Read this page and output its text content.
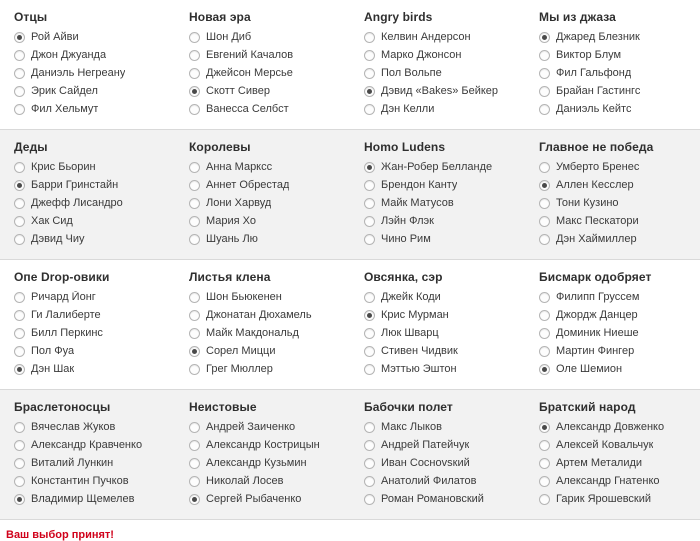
Отцы
Рой Айви
Джон Джуанда
Даниэль Негреану
Эрик Сайдел
Фил Хельмут
Новая эра
Шон Диб
Евгений Качалов
Джейсон Мерсье
Скотт Сивер
Ванесса Селбст
Angry birds
Келвин Андерсон
Марко Джонсон
Пол Вольпе
Дэвид «Bakes» Бейкер
Дэн Келли
Мы из джаза
Джаред Блезник
Виктор Блум
Фил Гальфонд
Брайан Гастингс
Даниэль Кейтс
Деды
Крис Бьорин
Барри Гринстайн
Джефф Лисандро
Хак Сид
Дэвид Чиу
Королевы
Анна Марксс
Аннет Обрестад
Лони Харвуд
Мария Хо
Шуань Лю
Homo Ludens
Жан-Робер Белланде
Брендон Кантy
Майк Матусов
Лэйн Флэк
Чино Рим
Главное не победа
Умберто Бренес
Аллен Кесслер
Тони Кузино
Макс Пескатори
Дэн Хаймиллер
Опе Drop-овики
Ричард Йонг
Ги Лалиберте
Билл Перкинс
Пол Фуа
Дэн Шак
Листья клена
Шон Бьюкенен
Джонатан Дюхамель
Майк Макдональд
Сорел Мицци
Грег Мюллер
Овсянка, сэр
Джейк Коди
Крис Мурман
Люк Шварц
Стивен Чидвик
Мэттью Эштон
Бисмарк одобряет
Филипп Груссем
Джордж Данцер
Доминик Ниеше
Мартин Фингер
Оле Шемион
Браслетоносцы
Вячеслав Жуков
Александр Кравченко
Виталий Лункин
Константин Пучков
Владимир Щемелев
Неистовые
Андрей Заиченко
Александр Кострицын
Александр Кузьмин
Николай Лосев
Сергей Рыбаченко
Бабочки полет
Макс Лыков
Андрей Патейчук
Иван Соснovsкий
Анатолий Филатов
Роман Романовский
Братский народ
Александр Довженко
Алексей Ковальчук
Артем Металиди
Александр Гнатенко
Гарик Ярошевский
Ваш выбор принят!
